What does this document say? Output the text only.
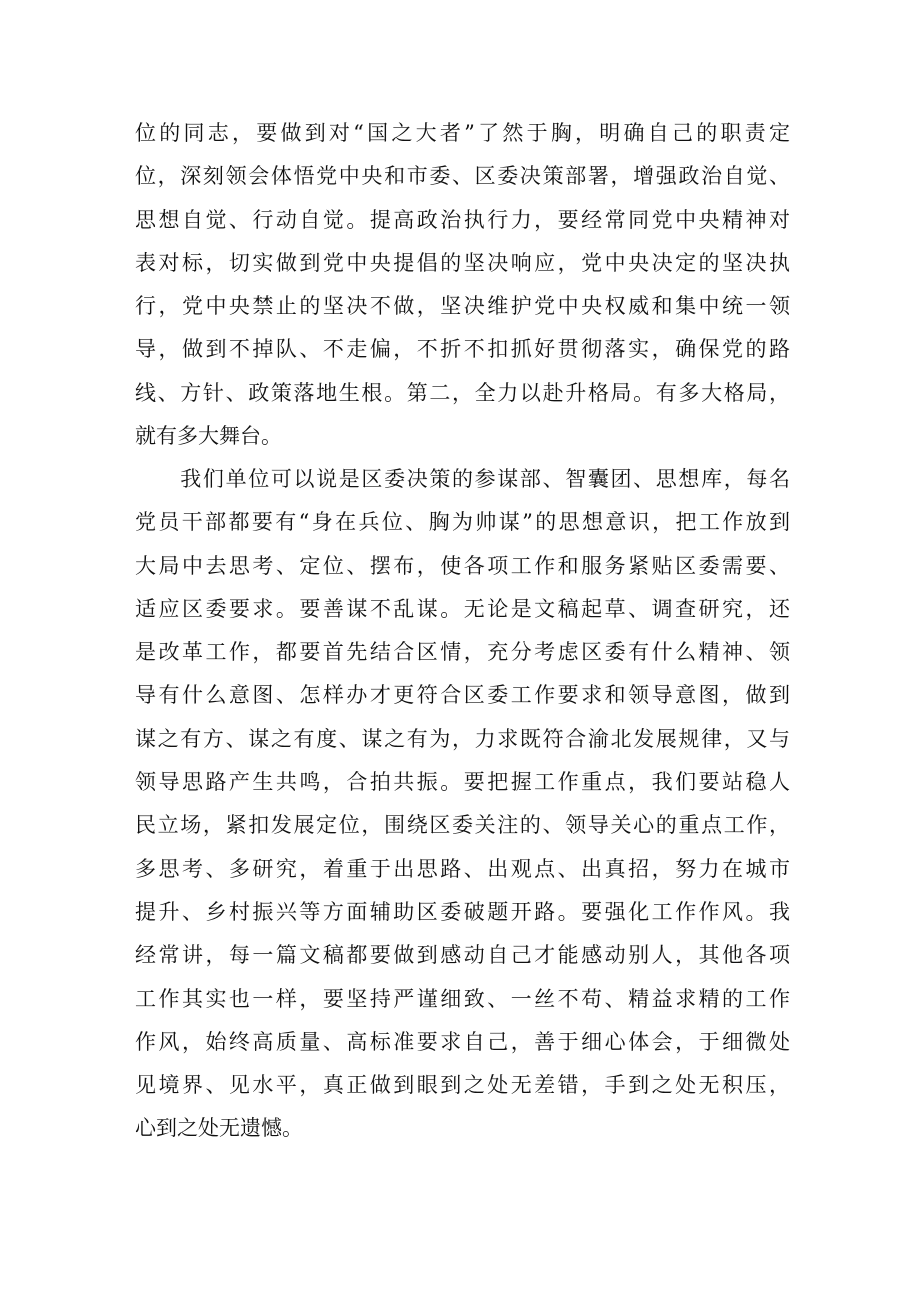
位的同志，要做到对“国之大者”了然于胸，明确自己的职责定
位，深刻领会体悟党中央和市委、区委决策部署，增强政治自觉、
思想自觉、行动自觉。提高政治执行力，要经常同党中央精神对
表对标，切实做到党中央提倡的坚决响应，党中央决定的坚决执
行，党中央禁止的坚决不做，坚决维护党中央权威和集中统一领
导，做到不掉队、不走偏，不折不扣抓好贯彻落实，确保党的路
线、方针、政策落地生根。第二，全力以赴升格局。有多大格局，
就有多大舞台。
　　我们单位可以说是区委决策的参谋部、智囊团、思想库，每名
党员干部都要有“身在兵位、胸为帅谋”的思想意识，把工作放到
大局中去思考、定位、摆布，使各项工作和服务紧贴区委需要、
适应区委要求。要善谋不乱谋。无论是文稿起草、调查研究，还
是改革工作，都要首先结合区情，充分考虑区委有什么精神、领
导有什么意图、怎样办才更符合区委工作要求和领导意图，做到
谋之有方、谋之有度、谋之有为，力求既符合渝北发展规律，又与
领导思路产生共鸣，合拍共振。要把握工作重点，我们要站稳人
民立场，紧扣发展定位，围绕区委关注的、领导关心的重点工作，
多思考、多研究，着重于出思路、出观点、出真招，努力在城市
提升、乡村振兴等方面辅助区委破题开路。要强化工作作风。我
经常讲，每一篇文稿都要做到感动自己才能感动别人，其他各项
工作其实也一样，要坚持严谨细致、一丝不苟、精益求精的工作
作风，始终高质量、高标准要求自己，善于细心体会，于细微处
见境界、见水平，真正做到眼到之处无差错，手到之处无积压，
心到之处无遗憾。
